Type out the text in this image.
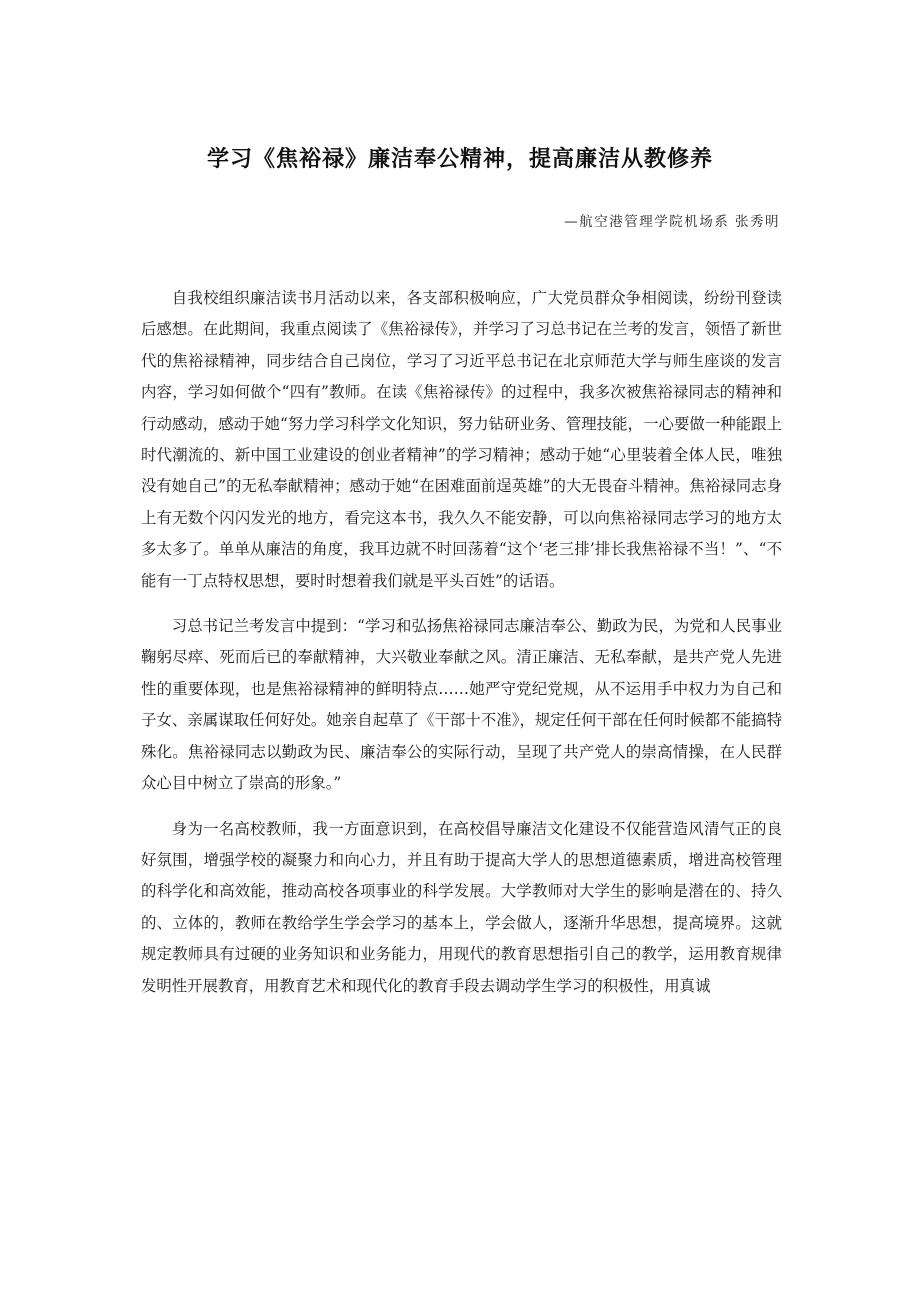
学习《焦裕禄》廉洁奉公精神，提高廉洁从教修养

—航空港管理学院机场系 张秀明

自我校组织廉洁读书月活动以来，各支部积极响应，广大党员群众争相阅读，纷纷刊登读后感想。在此期间，我重点阅读了《焦裕禄传》，并学习了习总书记在兰考的发言，领悟了新世代的焦裕禄精神，同步结合自己岗位，学习了习近平总书记在北京师范大学与师生座谈的发言内容，学习如何做个“四有”教师。在读《焦裕禄传》的过程中，我多次被焦裕禄同志的精神和行动感动，感动于她“努力学习科学文化知识，努力钻研业务、管理技能，一心要做一种能跟上时代潮流的、新中国工业建设的创业者精神”的学习精神；感动于她“心里装着全体人民，唯独没有她自己”的无私奉献精神；感动于她“在困难面前逞英雄”的大无畏奋斗精神。焦裕禄同志身上有无数个闪闪发光的地方，看完这本书，我久久不能安静，可以向焦裕禄同志学习的地方太多太多了。单单从廉洁的角度，我耳边就不时回荡着“这个‘老三排’排长我焦裕禄不当！”、“不能有一丁点特权思想，要时时想着我们就是平头百姓”的话语。

习总书记兰考发言中提到：“学习和弘扬焦裕禄同志廉洁奉公、勤政为民，为党和人民事业鞠躬尽瘁、死而后已的奉献精神，大兴敬业奉献之风。清正廉洁、无私奉献，是共产党人先进性的重要体现，也是焦裕禄精神的鲜明特点……她严守党纪党规，从不运用手中权力为自己和子女、亲属谋取任何好处。她亲自起草了《干部十不准》，规定任何干部在任何时候都不能搞特殊化。焦裕禄同志以勤政为民、廉洁奉公的实际行动，呈现了共产党人的崇高情操，在人民群众心目中树立了崇高的形象。”

身为一名高校教师，我一方面意识到，在高校倡导廉洁文化建设不仅能营造风清气正的良好氛围，增强学校的凝聚力和向心力，并且有助于提高大学人的思想道德素质，增进高校管理的科学化和高效能，推动高校各项事业的科学发展。大学教师对大学生的影响是潜在的、持久的、立体的，教师在教给学生学会学习的基本上，学会做人，逐渐升华思想，提高境界。这就规定教师具有过硬的业务知识和业务能力，用现代的教育思想指引自己的教学，运用教育规律发明性开展教育，用教育艺术和现代化的教育手段去调动学生学习的积极性，用真诚
